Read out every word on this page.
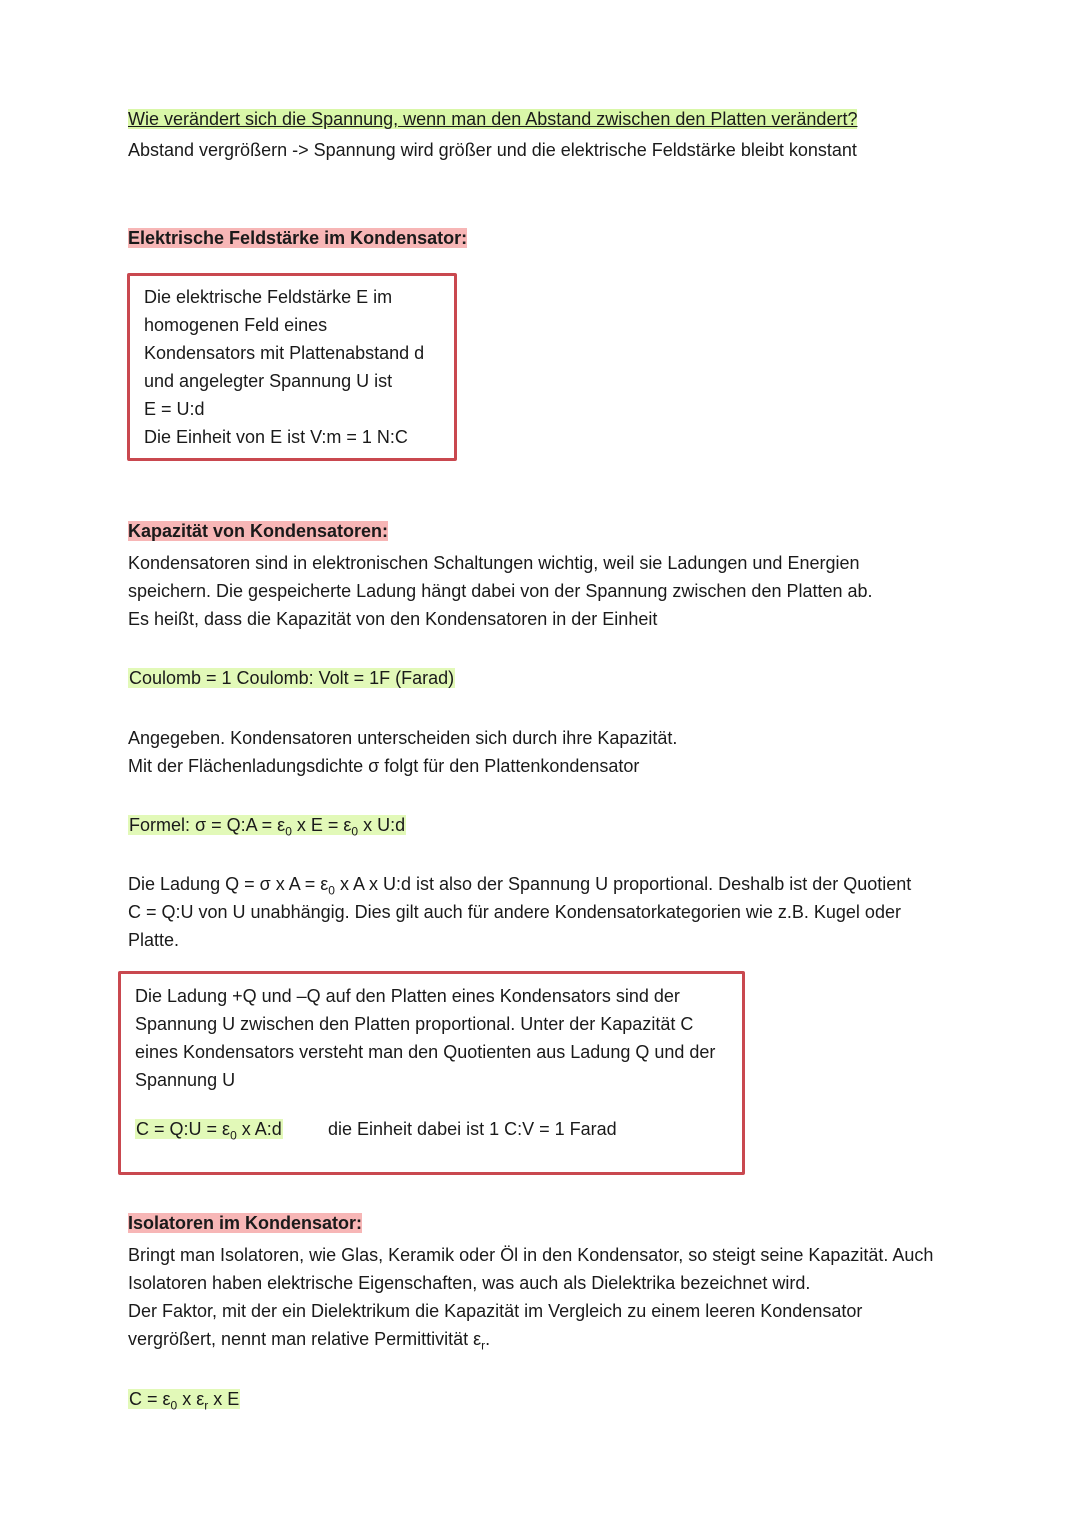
Wie verändert sich die Spannung, wenn man den Abstand zwischen den Platten verändert?
Abstand vergrößern -> Spannung wird größer und die elektrische Feldstärke bleibt konstant
Elektrische Feldstärke im Kondensator:
Die elektrische Feldstärke E im
homogenen Feld eines
Kondensators mit Plattenabstand d
und angelegter Spannung U ist
E = U:d
Die Einheit von E ist V:m = 1 N:C
Kapazität von Kondensatoren:
Kondensatoren sind in elektronischen Schaltungen wichtig, weil sie Ladungen und Energien
speichern. Die gespeicherte Ladung hängt dabei von der Spannung zwischen den Platten ab.
Es heißt, dass die Kapazität von den Kondensatoren in der Einheit
Coulomb = 1 Coulomb: Volt = 1F (Farad)
Angegeben. Kondensatoren unterscheiden sich durch ihre Kapazität.
Mit der Flächenladungsdichte σ folgt für den Plattenkondensator
Formel: σ = Q:A = $\varepsilon_0$ x $E = \varepsilon_0$ x U:d
Die Ladung Q = σ x $A = \varepsilon_0$ x A x U:d ist also der Spannung U proportional. Deshalb ist der Quotient
C = Q:U von U unabhängig. Dies gilt auch für andere Kondensatorkategorien wie z.B. Kugel oder
Platte.
Die Ladung +Q und –Q auf den Platten eines Kondensators sind der
Spannung U zwischen den Platten proportional. Unter der Kapazität C
eines Kondensators versteht man den Quotienten aus Ladung Q und der
Spannung U
C = Q:U = $\varepsilon_0$ x A:d	die Einheit dabei ist 1 C:V = 1 Farad
Isolatoren im Kondensator:
Bringt man Isolatoren, wie Glas, Keramik oder Öl in den Kondensator, so steigt seine Kapazität. Auch
Isolatoren haben elektrische Eigenschaften, was auch als Dielektrika bezeichnet wird.
Der Faktor, mit der ein Dielektrikum die Kapazität im Vergleich zu einem leeren Kondensator
vergrößert, nennt man relative Permittivität $\varepsilon_r$.
$C = \varepsilon_0$ x $\varepsilon_r$ x E
